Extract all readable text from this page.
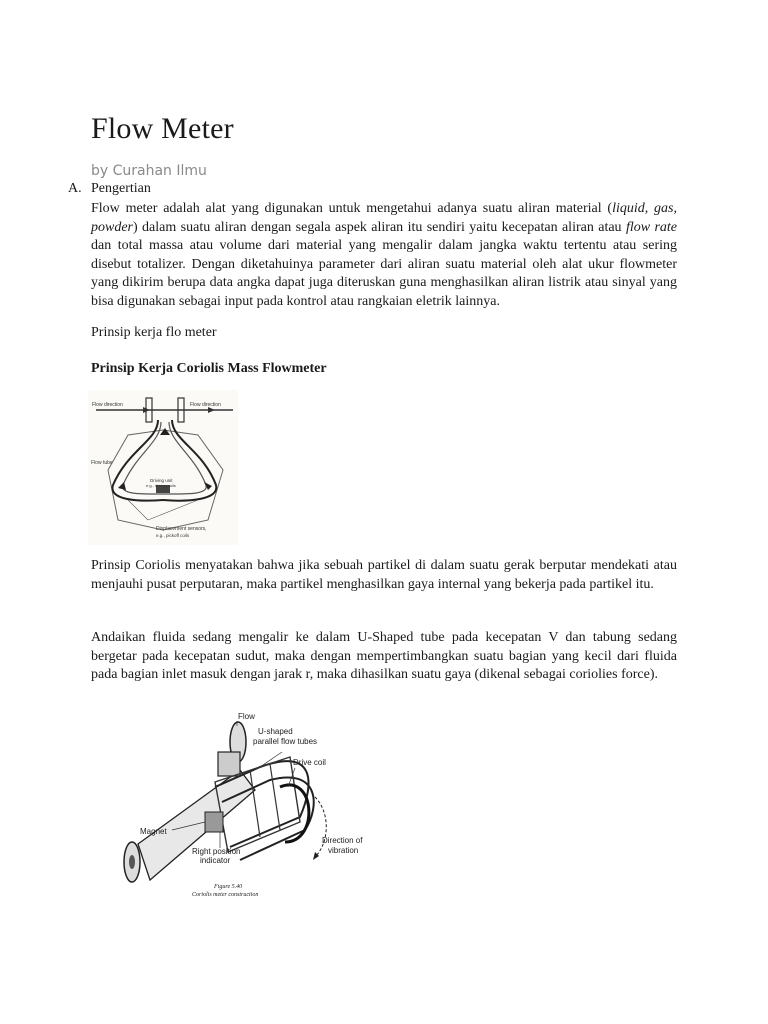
Flow Meter
by Curahan Ilmu
A. Pengertian
Flow meter adalah alat yang digunakan untuk mengetahui adanya suatu aliran material (liquid, gas, powder) dalam suatu aliran dengan segala aspek aliran itu sendiri yaitu kecepatan aliran atau flow rate dan total massa atau volume dari material yang mengalir dalam jangka waktu tertentu atau sering disebut totalizer. Dengan diketahuinya parameter dari aliran suatu material oleh alat ukur flowmeter yang dikirim berupa data angka dapat juga diteruskan guna menghasilkan aliran listrik atau sinyal yang bisa digunakan sebagai input pada kontrol atau rangkaian eletrik lainnya.
Prinsip kerja flo meter
Prinsip Kerja Coriolis Mass Flowmeter
Flow direction	Flow direction
Flow tube
Driving unit
e.g., driving coils
Displacement sensors,
e.g., pickoff coils
Prinsip Coriolis menyatakan bahwa jika sebuah partikel di dalam suatu gerak berputar mendekati atau menjauhi pusat perputaran, maka partikel menghasilkan gaya internal yang bekerja pada partikel itu.
Andaikan fluida sedang mengalir ke dalam U-Shaped tube pada kecepatan V dan tabung sedang bergetar pada kecepatan sudut, maka dengan mempertimbangkan suatu bagian yang kecil dari fluida pada bagian inlet masuk dengan jarak r, maka dihasilkan suatu gaya (dikenal sebagai coriolies force).
Flow
U-shaped
parallel flow tubes
Drive coil
Magnet
Right position
indicator
Direction of
vibration
Figure 5.40
Coriolis meter construction
